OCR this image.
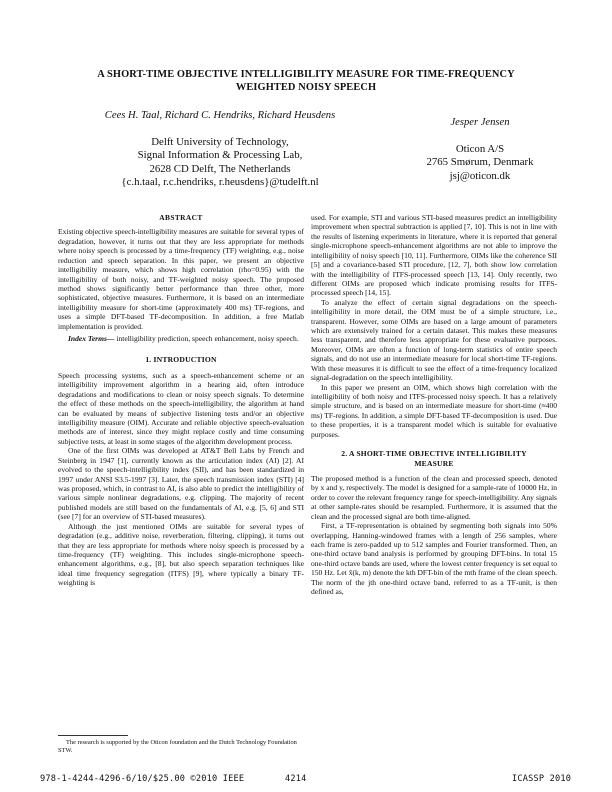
A SHORT-TIME OBJECTIVE INTELLIGIBILITY MEASURE FOR TIME-FREQUENCY
WEIGHTED NOISY SPEECH
Cees H. Taal, Richard C. Hendriks, Richard Heusdens
Delft University of Technology,
Signal Information & Processing Lab,
2628 CD Delft, The Netherlands
{c.h.taal, r.c.hendriks, r.heusdens}@tudelft.nl
Jesper Jensen
Oticon A/S
2765 Smørum, Denmark
jsj@oticon.dk
ABSTRACT

Existing objective speech-intelligibility measures are suitable for several types of degradation, however, it turns out that they are less appropriate for methods where noisy speech is processed by a time-frequency (TF) weighting, e.g., noise reduction and speech separation. In this paper, we present an objective intelligibility measure, which shows high correlation (rho=0.95) with the intelligibility of both noisy, and TF-weighted noisy speech. The proposed method shows significantly better performance than three other, more sophisticated, objective measures. Furthermore, it is based on an intermediate intelligibility measure for short-time (approximately 400 ms) TF-regions, and uses a simple DFT-based TF-decomposition. In addition, a free Matlab implementation is provided.

Index Terms— intelligibility prediction, speech enhancement, noisy speech.

1. INTRODUCTION

Speech processing systems, such as a speech-enhancement scheme or an intelligibility improvement algorithm in a hearing aid, often introduce degradations and modifications to clean or noisy speech signals. To determine the effect of these methods on the speech-intelligibility, the algorithm at hand can be evaluated by means of subjective listening tests and/or an objective intelligibility measure (OIM). Accurate and reliable objective speech-evaluation methods are of interest, since they might replace costly and time consuming subjective tests, at least in some stages of the algorithm development process.

One of the first OIMs was developed at AT&T Bell Labs by French and Steinberg in 1947 [1], currently known as the articulation index (AI) [2]. AI evolved to the speech-intelligibility index (SII), and has been standardized in 1997 under ANSI S3.5-1997 [3]. Later, the speech transmission index (STI) [4] was proposed, which, in contrast to AI, is also able to predict the intelligibility of various simple nonlinear degradations, e.g. clipping. The majority of recent published models are still based on the fundamentals of AI, e.g. [5, 6] and STI (see [7] for an overview of STI-based measures).

Although the just mentioned OIMs are suitable for several types of degradation (e.g., additive noise, reverberation, filtering, clipping), it turns out that they are less appropriate for methods where noisy speech is processed by a time-frequency (TF) weighting. This includes single-microphone speech-enhancement algorithms, e.g., [8], but also speech separation techniques like ideal time frequency segregation (ITFS) [9], where typically a binary TF-weighting is

used. For example, STI and various STI-based measures predict an intelligibility improvement when spectral subtraction is applied [7, 10]. This is not in line with the results of listening experiments in literature, where it is reported that general single-microphone speech-enhancement algorithms are not able to improve the intelligibility of noisy speech [10, 11]. Furthermore, OIMs like the coherence SII [5] and a covariance-based STI procedure, [12, 7], both show low correlation with the intelligibility of ITFS-processed speech [13, 14]. Only recently, two different OIMs are proposed which indicate promising results for ITFS-processed speech [14, 15].

To analyze the effect of certain signal degradations on the speech-intelligibility in more detail, the OIM must be of a simple structure, i.e., transparent. However, some OIMs are based on a large amount of parameters which are extensively trained for a certain dataset. This makes these measures less transparent, and therefore less appropriate for these evaluative purposes. Moreover, OIMs are often a function of long-term statistics of entire speech signals, and do not use an intermediate measure for local short-time TF-regions. With these measures it is difficult to see the effect of a time-frequency localized signal-degradation on the speech intelligibility.

In this paper we present an OIM, which shows high correlation with the intelligibility of both noisy and ITFS-processed noisy speech. It has a relatively simple structure, and is based on an intermediate measure for short-time (≈400 ms) TF-regions. In addition, a simple DFT-based TF-decomposition is used. Due to these properties, it is a transparent model which is suitable for evaluative purposes.

2. A SHORT-TIME OBJECTIVE INTELLIGIBILITY
MEASURE

The proposed method is a function of the clean and processed speech, denoted by x and y, respectively. The model is designed for a sample-rate of 10000 Hz, in order to cover the relevant frequency range for speech-intelligibility. Any signals at other sample-rates should be resampled. Furthermore, it is assumed that the clean and the processed signal are both time-aligned.

First, a TF-representation is obtained by segmenting both signals into 50% overlapping, Hanning-windowed frames with a length of 256 samples, where each frame is zero-padded up to 512 samples and Fourier transformed. Then, an one-third octave band analysis is performed by grouping DFT-bins. In total 15 one-third octave bands are used, where the lowest center frequency is set equal to 150 Hz. Let x̂(k, m) denote the kth DFT-bin of the mth frame of the clean speech. The norm of the jth one-third octave band, referred to as a TF-unit, is then defined as,

The research is supported by the Oticon foundation and the Dutch Technology Foundation STW.
978-1-4244-4296-6/10/$25.00 ©2010 IEEE	4214	ICASSP 2010
